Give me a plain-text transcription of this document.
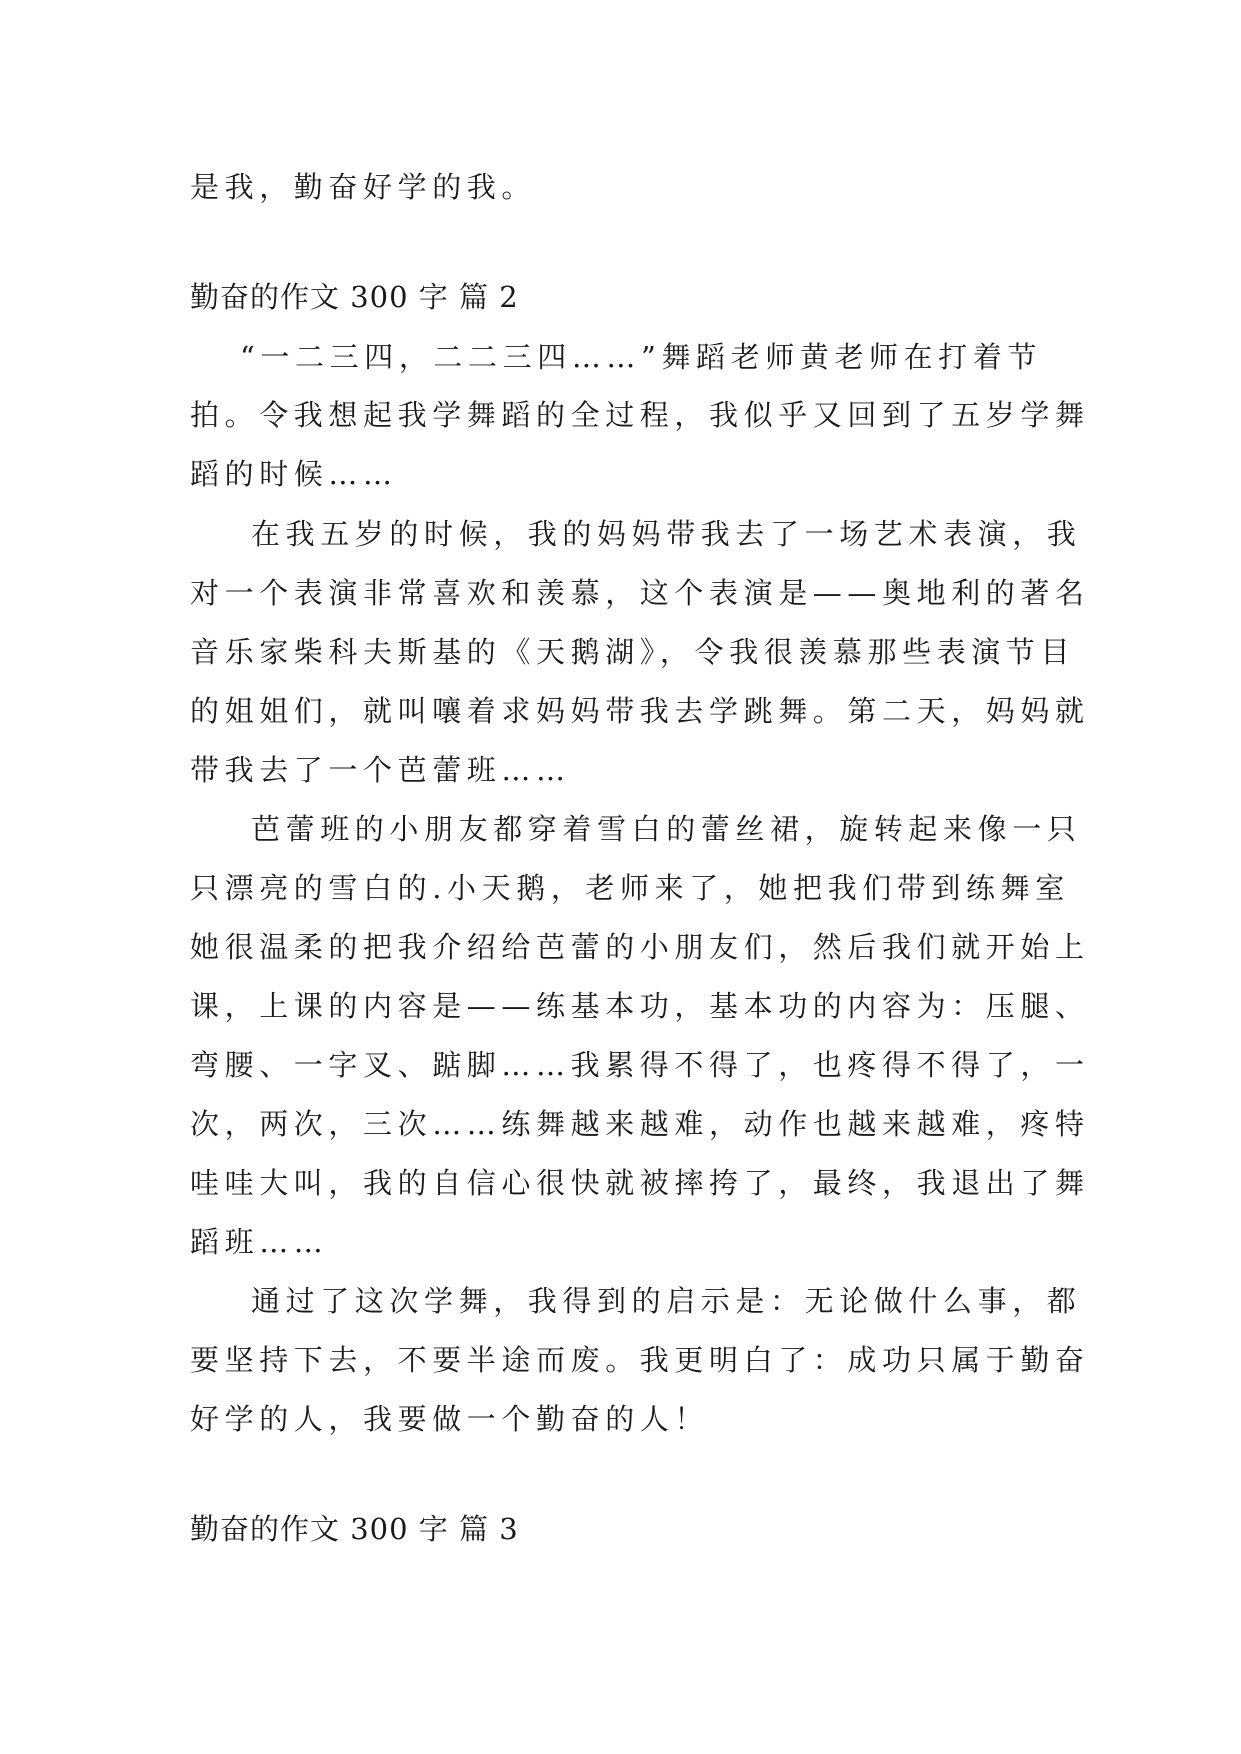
是我，勤奋好学的我。
勤奋的作文 300 字 篇 2
“一二三四，二二三四……”舞蹈老师黄老师在打着节
拍。令我想起我学舞蹈的全过程，我似乎又回到了五岁学舞
蹈的时候……
在我五岁的时候，我的妈妈带我去了一场艺术表演，我
对一个表演非常喜欢和羡慕，这个表演是——奥地利的著名
音乐家柴科夫斯基的《天鹅湖》，令我很羡慕那些表演节目
的姐姐们，就叫嚷着求妈妈带我去学跳舞。第二天，妈妈就
带我去了一个芭蕾班……
芭蕾班的小朋友都穿着雪白的蕾丝裙，旋转起来像一只
只漂亮的雪白的.小天鹅，老师来了，她把我们带到练舞室
她很温柔的把我介绍给芭蕾的小朋友们，然后我们就开始上
课，上课的内容是——练基本功，基本功的内容为：压腿、
弯腰、一字叉、踮脚……我累得不得了，也疼得不得了，一
次，两次，三次……练舞越来越难，动作也越来越难，疼特
哇哇大叫，我的自信心很快就被摔挎了，最终，我退出了舞
蹈班……
通过了这次学舞，我得到的启示是：无论做什么事，都
要坚持下去，不要半途而废。我更明白了：成功只属于勤奋
好学的人，我要做一个勤奋的人！
勤奋的作文 300 字 篇 3
